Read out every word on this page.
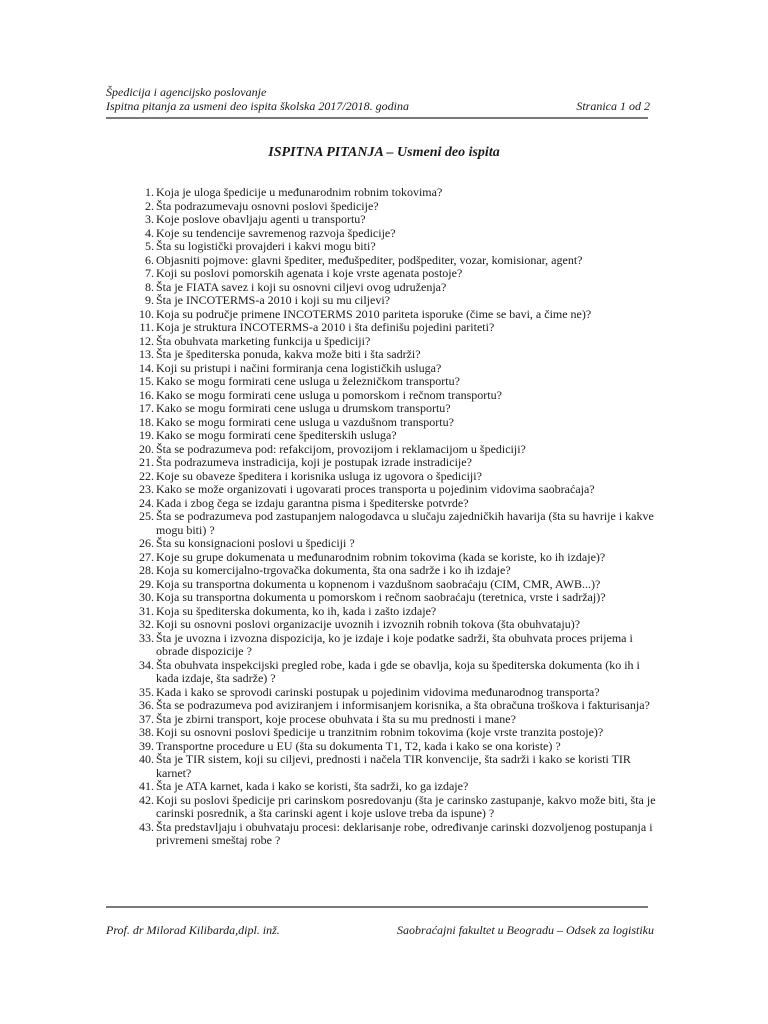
Špedicija i agencijsko poslovanje
Ispitna pitanja za usmeni deo ispita školska 2017/2018. godina	Stranica 1 od 2
ISPITNA PITANJA – Usmeni deo ispita
1. Koja je uloga špedicije u međunarodnim robnim tokovima?
2. Šta podrazumevaju osnovni poslovi špedicije?
3. Koje poslove obavljaju agenti u transportu?
4. Koje su tendencije savremenog razvoja špedicije?
5. Šta su logistički provajderi i kakvi mogu biti?
6. Objasniti pojmove: glavni špediter, međušpediter, podšpediter, vozar, komisionar, agent?
7. Koji su poslovi pomorskih agenata i koje vrste agenata postoje?
8. Šta je FIATA savez i koji su osnovni ciljevi ovog udruženja?
9. Šta je INCOTERMS-a 2010 i koji su mu ciljevi?
10. Koja su područje primene INCOTERMS 2010 pariteta isporuke (čime se bavi, a čime ne)?
11. Koja je struktura INCOTERMS-a 2010 i šta definišu pojedini pariteti?
12. Šta obuhvata marketing funkcija u špediciji?
13. Šta je špediterska ponuda, kakva može biti i šta sadrži?
14. Koji su pristupi i načini formiranja cena logističkih usluga?
15. Kako se mogu formirati cene usluga u železničkom transportu?
16. Kako se mogu formirati cene usluga u pomorskom i rečnom transportu?
17. Kako se mogu formirati cene usluga u drumskom transportu?
18. Kako se mogu formirati cene usluga u vazdušnom transportu?
19. Kako se mogu formirati cene špediterskih usluga?
20. Šta se podrazumeva pod: refakcijom, provozijom i reklamacijom u špediciji?
21. Šta podrazumeva instradicija, koji je postupak izrade instradicije?
22. Koje su obaveze špeditera i korisnika usluga iz ugovora o špediciji?
23. Kako se može organizovati i ugovarati proces transporta u pojedinim vidovima saobraćaja?
24. Kada i zbog čega se izdaju garantna pisma i špediterske potvrde?
25. Šta se podrazumeva pod zastupanjem nalogodavca u slučaju zajedničkih havarija (šta su havrije i kakve mogu biti) ?
26. Šta su konsignacioni poslovi u špediciji ?
27. Koje su grupe dokumenata u međunarodnim robnim tokovima (kada se koriste, ko ih izdaje)?
28. Koja su komercijalno-trgovačka dokumenta, šta ona sadrže i ko ih izdaje?
29. Koja su transportna dokumenta u kopnenom i vazdušnom saobraćaju (CIM, CMR, AWB...)?
30. Koja su transportna dokumenta u pomorskom i rečnom saobraćaju (teretnica, vrste i sadržaj)?
31. Koja su špediterska dokumenta, ko ih, kada i zašto izdaje?
32. Koji su osnovni poslovi organizacije uvoznih i izvoznih robnih tokova (šta obuhvataju)?
33. Šta je uvozna i izvozna dispozicija, ko je izdaje i koje podatke sadrži, šta obuhvata proces prijema i obrade dispozicije ?
34. Šta obuhvata inspekcijski pregled robe, kada i gde se obavlja, koja su špediterska dokumenta (ko ih i kada izdaje, šta sadrže) ?
35. Kada i kako se sprovodi carinski postupak u pojedinim vidovima međunarodnog transporta?
36. Šta se podrazumeva pod aviziranjem i informisanjem korisnika, a šta obračuna troškova i fakturisanja?
37. Šta je zbirni transport, koje procese obuhvata i šta su mu prednosti i mane?
38. Koji su osnovni poslovi špedicije u tranzitnim robnim tokovima (koje vrste tranzita postoje)?
39. Transportne procedure u EU (šta su dokumenta T1, T2, kada i kako se ona koriste) ?
40. Šta je TIR sistem, koji su ciljevi, prednosti i načela TIR konvencije, šta sadrži i kako se koristi TIR karnet?
41. Šta je ATA karnet, kada i kako se koristi, šta sadrži, ko ga izdaje?
42. Koji su poslovi špedicije pri carinskom posredovanju (šta je carinsko zastupanje, kakvo može biti, šta je carinski posrednik, a šta carinski agent i koje uslove treba da ispune) ?
43. Šta predstavljaju i obuhvataju procesi: deklarisanje robe, određivanje carinski dozvoljenog postupanja i privremeni smeštaj robe ?
Prof. dr Milorad Kilibarda,dipl. inž.	Saobraćajni fakultet u Beogradu – Odsek za logistiku
